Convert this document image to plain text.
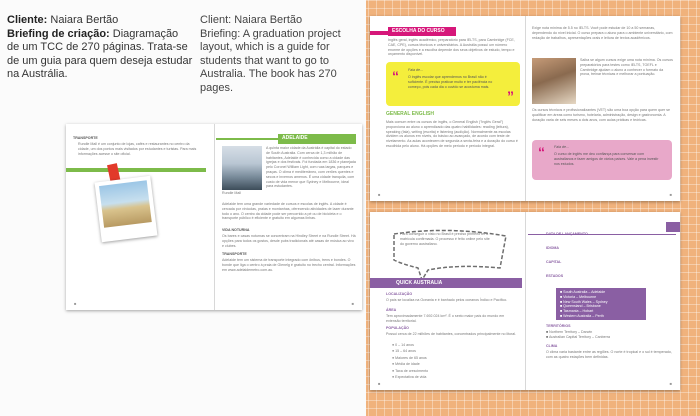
Cliente: Naiara Bertão
Briefing de criação: Diagramação de um TCC de 270 páginas. Trata-se de um guia para quem deseja estudar na Austrália.
Client: Naiara Bertão
Briefing: A graduation project layout, which is a guide for students that want to go to Australia. The book has 270 pages.
TRANSPORTE
Rundle Mall é um conjunto de lojas, cafés e restaurantes no centro da cidade, um dos pontos mais visitados por estudantes e turistas. Para mais informações acesse o site oficial.
ADELAIDE
Rundle Mall
A quinta maior cidade da Austrália é capital do estado de South Australia. Com cerca de 1,3 milhão de habitantes, Adelaide é conhecida como a cidade das igrejas e dos festivais. Foi fundada em 1836 e planejada pelo Coronel William Light, com ruas largas, parques e praças. O clima é mediterrâneo, com verões quentes e secos e invernos amenos. É uma cidade tranquila, com custo de vida menor que Sydney e Melbourne, ideal para estudantes.
Adelaide tem uma grande variedade de cursos e escolas de inglês. A cidade é cercada por vinícolas, praias e montanhas, oferecendo atividades de lazer durante todo o ano. O centro da cidade pode ser percorrido a pé ou de bicicleta e o transporte público é eficiente e gratuito em algumas linhas.
VIDA NOTURNA
Os bares e casas noturnas se concentram na Hindley Street e na Rundle Street. Há opções para todos os gostos, desde pubs tradicionais até casas de música ao vivo e clubes.
TRANSPORTE
Adelaide tem um sistema de transporte integrado com ônibus, trens e bondes. O bonde que liga o centro à praia de Glenelg é gratuito no trecho central. Informações em www.adelaidemetro.com.au.
■	■
ESCOLHA DO CURSO
Inglês geral, inglês acadêmico, preparatório para IELTS, para Cambridge (FCE, CAE, CPE), cursos técnicos e universitários. A Austrália possui um número enorme de opções e a escolha depende dos seus objetivos de estudo, tempo e orçamento disponível.
“	Fala de...
O inglês escolar que aprendemos no Brasil não é suficiente. É preciso praticar muito e ter paciência no começo, pois cada dia o ouvido se acostuma mais.
”
GENERAL ENGLISH
Mais comum entre os cursos de inglês, o General English ("Inglês Geral") proporciona ao aluno o aprendizado das quatro habilidades: reading (leitura), speaking (fala), writing (escrita) e listening (audição). Normalmente as escolas dividem os alunos em níveis, do básico ao avançado, de acordo com teste de nivelamento. As aulas acontecem de segunda a sexta-feira e a duração do curso é escolhida pelo aluno. Há opções de meio período e período integral.
Exige nota mínima de 5.5 no IELTS. Você pode estudar de 10 a 50 semanas, dependendo do nível inicial. O curso prepara o aluno para o ambiente universitário, com redação de trabalhos, apresentações orais e leitura de textos acadêmicos.
Saiba se algum cursos exige uma nota mínima. Os cursos preparatórios para testes como IELTS, TOEFL e Cambridge ajudam o aluno a conhecer o formato da prova, treinar técnicas e melhorar a pontuação.
Os cursos técnicos e profissionalizantes (VET) são uma boa opção para quem quer se qualificar em áreas como turismo, hotelaria, administração, design e gastronomia. A duração varia de seis meses a dois anos, com aulas práticas e teóricas.
“	Fala de...
O curso de inglês me deu confiança para conversar com australianos e fazer amigos de vários países. Vale a pena investir nos estudos.
■	■
Para conseguir o visto no Brasil é preciso primeiro ter a matrícula confirmada. O processo é feito online pelo site do governo australiano.
QUICK AUSTRALIA
LOCALIZAÇÃO
O país se localiza na Oceania e é banhado pelos oceanos Índico e Pacífico.
ÁREA
Tem aproximadamente 7.692.024 km². É o sexto maior país do mundo em extensão territorial.
POPULAÇÃO
Possui cerca de 22 milhões de habitantes, concentrados principalmente no litoral.
● 0 – 14 anos
● 15 – 64 anos
● Maiores de 65 anos
● Média de idade
● Taxa de crescimento
● Expectativa de vida
DATA DE LANÇAMENTO
IDIOMA
CAPITAL
ESTADOS
■ South Australia – Adelaide
■ Victoria – Melbourne
■ New South Wales – Sydney
■ Queensland – Brisbane
■ Tasmania – Hobart
■ Western Australia – Perth
TERRITÓRIOS
■ Northern Territory – Darwin
■ Australian Capital Territory – Canberra
CLIMA
O clima varia bastante entre as regiões. O norte é tropical e o sul é temperado, com as quatro estações bem definidas.
■	■
